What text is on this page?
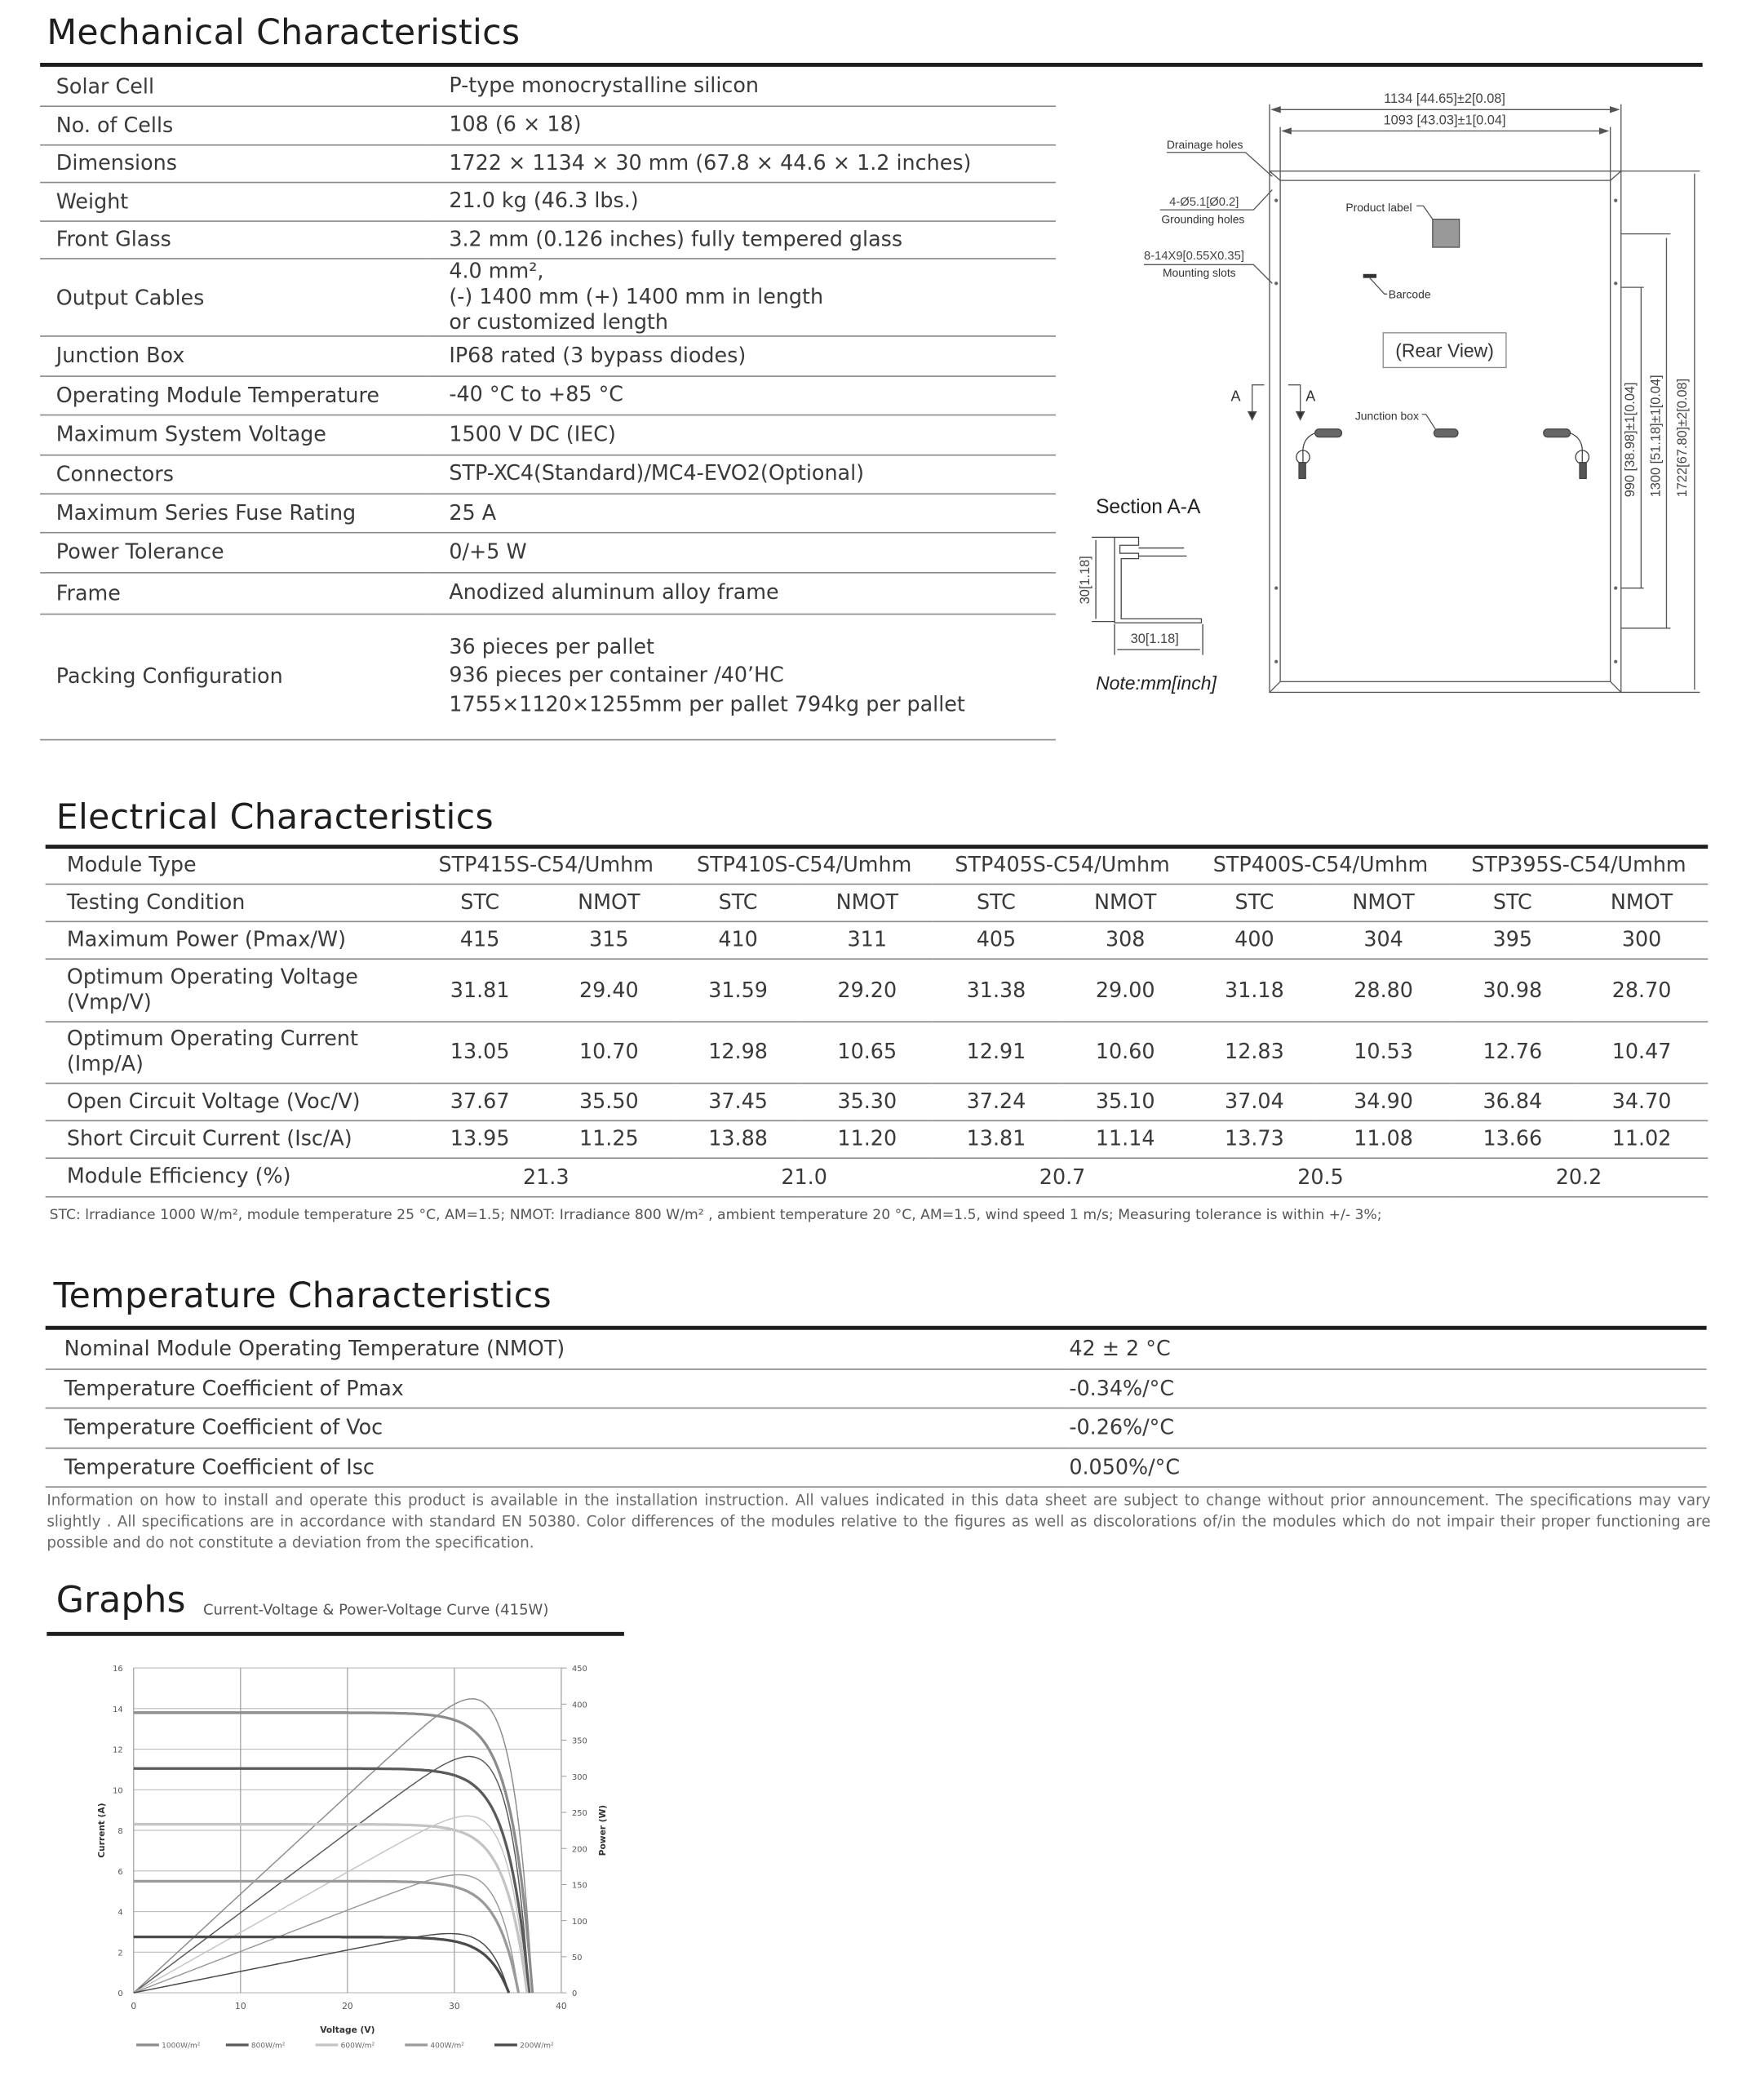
Mechanical Characteristics
Solar Cell	P-type monocrystalline silicon

No. of Cells	108 (6 × 18)

Dimensions	1722 × 1134 × 30 mm (67.8 × 44.6 × 1.2 inches)

Weight	21.0 kg (46.3 lbs.)

Front Glass	3.2 mm (0.126 inches) fully tempered glass

Output Cables	4.0 mm²,
(-) 1400 mm (+) 1400 mm in length
or customized length

Junction Box	IP68 rated (3 bypass diodes)

Operating Module Temperature	-40 °C to +85 °C

Maximum System Voltage	1500 V DC (IEC)

Connectors	STP-XC4(Standard)/MC4-EVO2(Optional)

Maximum Series Fuse Rating	25 A

Power Tolerance	0/+5 W

Frame	Anodized aluminum alloy frame

Packing Configuration	36 pieces per pallet
936 pieces per container /40’HC
1755×1120×1255mm per pallet 794kg per pallet
1134 [44.65]±2[0.08]
1093 [43.03]±1[0.04]
Drainage holes
4-Ø5.1[Ø0.2]
Grounding holes
8-14X9[0.55X0.35]
Mounting slots
Product label
Barcode
(Rear View)
A	A
Junction box	990 [38.98]±1[0.04] 1300 [51.18]±1[0.04] 1722[67.80]±2[0.08]
Section A-A
30[1.18]
30[1.18]
Note:mm[inch]
Electrical Characteristics
Module Type	STP415S-C54/Umhm		STP410S-C54/Umhm		STP405S-C54/Umhm		STP400S-C54/Umhm		STP395S-C54/Umhm	
Testing Condition	STC	NMOT	STC	NMOT	STC	NMOT	STC	NMOT	STC	NMOT

Maximum Power (Pmax/W)	415	315	410	311	405	308	400	304	395	300

Optimum Operating Voltage
(Vmp/V)	31.81	29.40	31.59	29.20	31.38	29.00	31.18	28.80	30.98	28.70

Optimum Operating Current
(Imp/A)	13.05	10.70	12.98	10.65	12.91	10.60	12.83	10.53	12.76	10.47

Open Circuit Voltage (Voc/V)	37.67	35.50	37.45	35.30	37.24	35.10	37.04	34.90	36.84	34.70

Short Circuit Current (Isc/A)	13.95	11.25	13.88	11.20	13.81	11.14	13.73	11.08	13.66	11.02
Module Efficiency (%)	21.3		21.0		20.7		20.5		20.2	
STC: lrradiance 1000 W/m², module temperature 25 °C, AM=1.5; NMOT: Irradiance 800 W/m² , ambient temperature 20 °C, AM=1.5, wind speed 1 m/s; Measuring tolerance is within +/- 3%;
Temperature Characteristics
Nominal Module Operating Temperature (NMOT)	42 ± 2 °C
Temperature Coefficient of Pmax	-0.34%/°C
Temperature Coefficient of Voc	-0.26%/°C
Temperature Coefficient of Isc	0.050%/°C
Information on how to install and operate this product is available in the installation instruction. All values indicated in this data sheet are subject to change without prior announcement. The specifications may vary slightly . All specifications are in accordance with standard EN 50380. Color differences of the modules relative to the figures as well as discolorations of/in the modules which do not impair their proper functioning are possible and do not constitute a deviation from the specification.
Graphs Current-Voltage & Power-Voltage Curve (415W)
0
2
4
6
8
10
12
14
16
0
50
100
150
200
250
300
350
400
450
0	10	20	30	40
Voltage (V)
Current (A)	Power (W)
1000W/m²	800W/m²	600W/m²	400W/m²	200W/m²
